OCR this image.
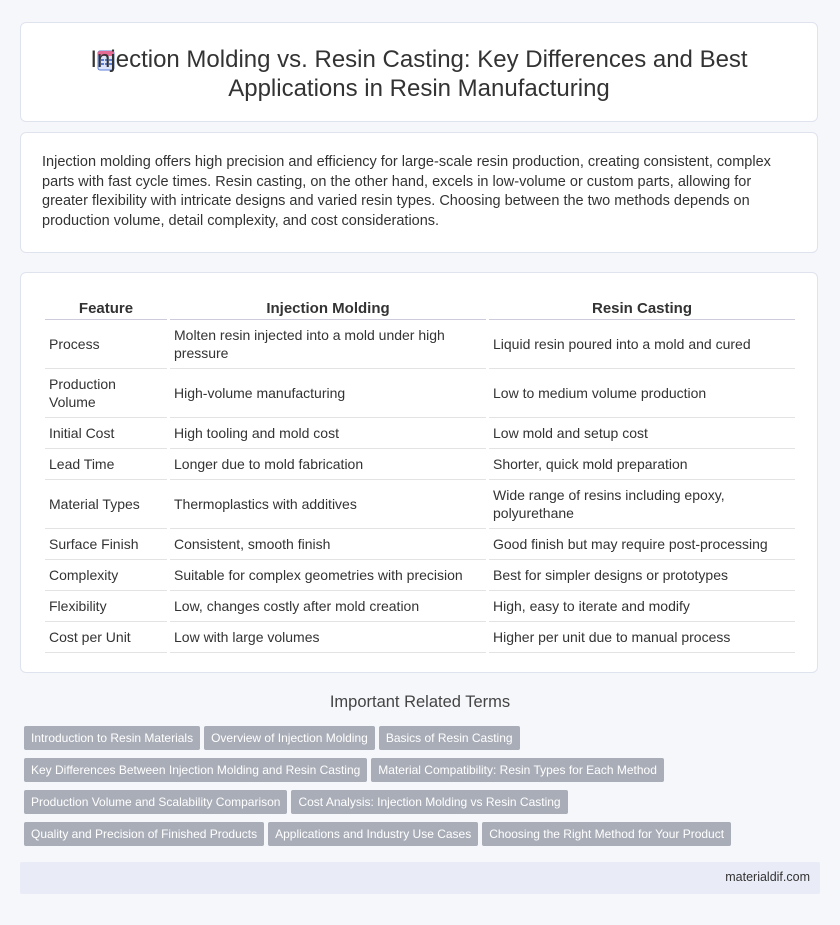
Injection Molding vs. Resin Casting: Key Differences and Best
Applications in Resin Manufacturing
Injection molding offers high precision and efficiency for large-scale resin production, creating consistent, complex parts with fast cycle times. Resin casting, on the other hand, excels in low-volume or custom parts, allowing for greater flexibility with intricate designs and varied resin types. Choosing between the two methods depends on production volume, detail complexity, and cost considerations.
Feature	Injection Molding	Resin Casting
Process	Molten resin injected into a mold under high pressure	Liquid resin poured into a mold and cured
Production Volume	High-volume manufacturing	Low to medium volume production
Initial Cost	High tooling and mold cost	Low mold and setup cost
Lead Time	Longer due to mold fabrication	Shorter, quick mold preparation
Material Types	Thermoplastics with additives	Wide range of resins including epoxy, polyurethane
Surface Finish	Consistent, smooth finish	Good finish but may require post-processing
Complexity	Suitable for complex geometries with precision	Best for simpler designs or prototypes
Flexibility	Low, changes costly after mold creation	High, easy to iterate and modify
Cost per Unit	Low with large volumes	Higher per unit due to manual process
Important Related Terms
Introduction to Resin Materials Overview of Injection Molding Basics of Resin Casting
Key Differences Between Injection Molding and Resin Casting Material Compatibility: Resin Types for Each Method
Production Volume and Scalability Comparison Cost Analysis: Injection Molding vs Resin Casting
Quality and Precision of Finished Products Applications and Industry Use Cases Choosing the Right Method for Your Product
materialdif.com
